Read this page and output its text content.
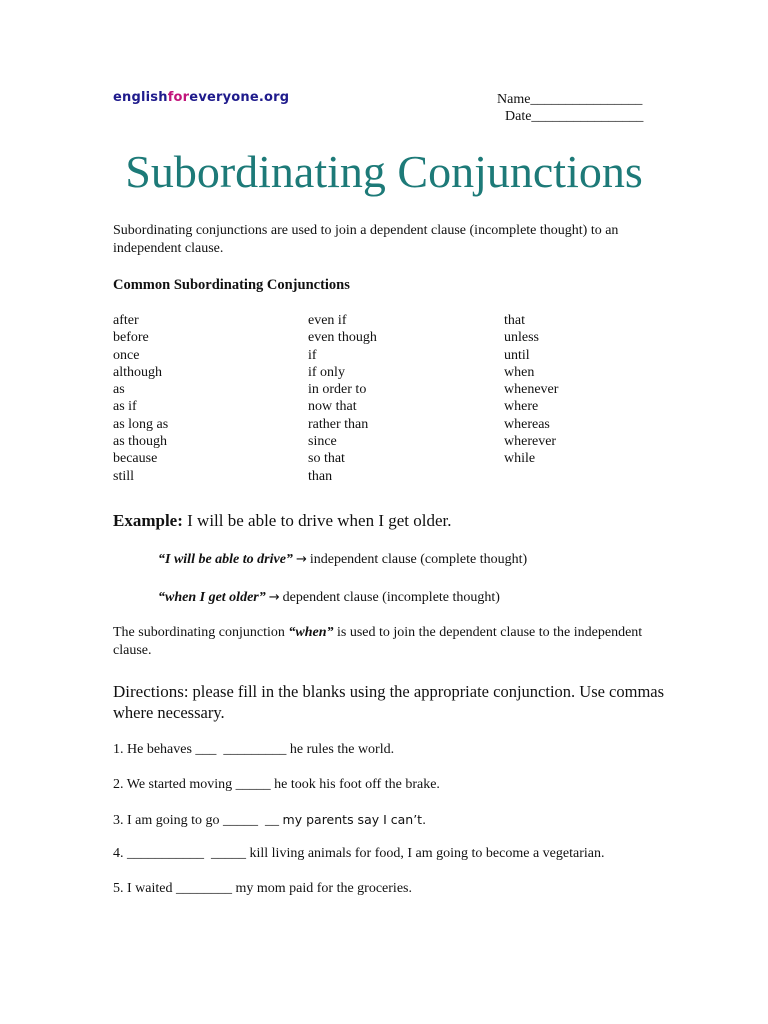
englishforeveryone.org	Name________________
Date________________
Subordinating Conjunctions
Subordinating conjunctions are used to join a dependent clause (incomplete thought) to an independent clause.
Common Subordinating Conjunctions
after
before
once
although
as
as if
as long as
as though
because
still
even if
even though
if
if only
in order to
now that
rather than
since
so that
than
that
unless
until
when
whenever
where
whereas
wherever
while
Example: I will be able to drive when I get older.
“I will be able to drive” → independent clause (complete thought)
“when I get older” → dependent clause (incomplete thought)
The subordinating conjunction “when” is used to join the dependent clause to the independent clause.
Directions: please fill in the blanks using the appropriate conjunction. Use commas where necessary.
1. He behaves ___  _________ he rules the world.
2. We started moving _____ he took his foot off the brake.
3. I am going to go _____  __ my parents say I can’t.
4. ___________  _____ kill living animals for food, I am going to become a vegetarian.
5. I waited ________ my mom paid for the groceries.
